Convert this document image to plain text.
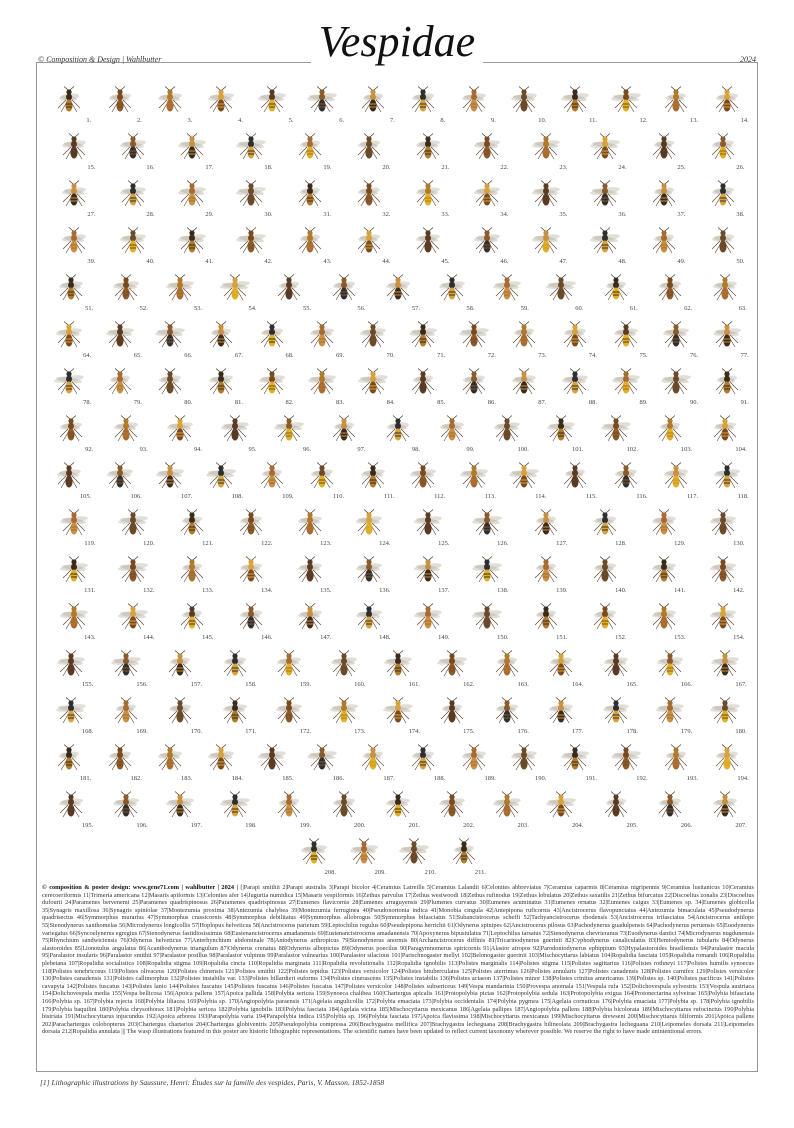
© Composition & Design | Wahlbutter	2024
Vespidae
1.	2.	3.	4.	5.	6.	7.	8.	9.	10.	11.	12.	13.	14.
15.	16.	17.	18.	19.	20.	21.	22.	23.	24.	25.	26.
27.	28.	29.	30.	31.	32.	33.	34.	35.	36.	37.	38.
39.	40.	41.	42.	43.	44.	45.	46.	47.	48.	49.	50.
51.	52.	53.	54.	55.	56.	57.	58.	59.	60.	61.	62.	63.
64.	65.	66.	67.	68.	69.	70.	71.	72.	73.	74.	75.	76.	77.
78.	79.	80.	81.	82.	83.	84.	85.	86.	87.	88.	89.	90.	91.
92.	93.	94.	95.	96.	97.	98.	99.	100.	101.	102.	103.	104.
105.	106.	107.	108.	109.	110.	111.	112.	113.	114.	115.	116.	117.	118.
119.	120.	121.	122.	123.	124.	125.	126.	127.	128.	129.	130.
131.	132.	133.	134.	135.	136.	137.	138.	139.	140.	141.	142.
143.	144.	145.	146.	147.	148.	149.	150.	151.	152.	153.	154.
155.	156.	157.	158.	159.	160.	161.	162.	163.	164.	165.	166.	167.
168.	169.	170.	171.	172.	173.	174.	175.	176.	177.	178.	179.	180.
181.	182.	183.	184.	185.	186.	187.	188.	189.	190.	191.	192.	193.	194.
195.	196.	197.	198.	199.	200.	201.	202.	203.	204.	205.	206.	207.
208.	209.	210.	211.
© composition & poster design: www.gene71.com | wahlbutter | 2024 | [|Parapi smithii 2|Parapi australis 3|Parapi bicolor 4|Ceramius Latreille 5|Ceramius Lalandii 6|Celonites abbreviatus 7|Ceramius caparmis 8|Ceramius nigripennis 9|Ceramius lusitanicus 10|Ceramius cerecoeriformis 11|Trimeria americana 12|Masaris apiformis 13|Celonites afer 14|Jugurtia numidica 15|Masaris vespiformis 16|Zethus parvulus 17|Zethus westwoodi 18|Zethus rufinodus 19|Zethus lobulatus 20|Zethus saxatilis 21|Zethus bifurcatus 22|Discoelius zonalis 23|Discoelius dufourii 24|Paramenes bervenemi 25|Paramenes quadrispinosus 26|Paramenes quadrispinosus 27|Eumenes flavicornis 28|Eumenes arraguyensis 29|Plumenes curvatus 30|Eumenes acuminatus 31|Eumenes ornatus 32|Eumenes caigus 33|Eumenes sp. 34|Eumenes globicolla 35|Synagris maxillosa 36|Synagris spiniolae 37|Montezumia proxima 38|Antezumia chalybea 39|Montezumia ferruginea 40|Pseudonortonia indica 41|Monobia cingula 42|Antepipona ruficornis 43|Ancistrocerus flavopunctatus 44|Antezumia bimaculata 45|Pseudodynerus quadrisectus 46|Symmorphus murarius 47|Symmorphus crassicornis 48|Symmorphus debilitatus 49|Symmorphus allobrogus 50|Symmorphus bifasciatus 51|Subancistrocerus scheffi 52|Tachyancistrocerus rhodensis 53|Ancistrocerus trifasciatus 54|Ancistrocerus antilope 55|Stenodynerus xanthomelas 56|Microdynerus longicollis 57|Hoplopus helveticus 58|Ancistrocerus parietum 59|Leptochilus regulus 60|Pseudepipona herrichii 61|Odynerus spinipes 62|Ancistrocerus pilosus 63|Pachodynerus guadulpensis 64|Pachodynerus peruensis 65|Euodynerus variegatus 66|Syncoelynerus egregius 67|Stenodynerus fastidiosissimus 68|Eustenancistrocerus amadanensis 69|Eustenancistrocerus amadanensis 70|Apoxynerus bipustulatus 71|Leptochilus tarsatus 72|Stenodynerus chevrieranus 73|Euodynerus dantici 74|Microdynerus nugdunensis 75|Rhynchium sandwiciensis 76|Odynerus helveticus 77|Anterhynchium abdominale 78|Antodynerus arthropicus 79|Stenodynerus anormis 80|Archancistrocerus diffinis 81|Tricarinodynerus guerinii 82|Cyphodynerus canaliculatus 83|Hemiodynerus tubularis 84|Odynerus alastoroides 85|Lionotulus angulatus 86|Acanthodynerus triangulum 87|Odynerus crenatus 88|Odynerus albopictus 89|Odynerus poecilus 90|Paragymnomerus spiricornis 91|Alastor atropos 92|Parodontodynerus ephippium 93|Hypalastoroides brasiliensis 94|Paralastor macula 95|Paralastor insularis 96|Paralastor smithii 97|Paralastor posillus 98|Paralastor vulpinus 99|Paralastor vulnearius 100|Paralastor silacious 101|Parischnogaster mellyi 102|Belonogaster guerinii 103|Mischocyttarus labiatus 104|Ropalidia fasciata 105|Ropalidia romandi 106|Ropalidia plebeiana 107|Ropalidia socialistica 108|Ropalidia stigma 109|Ropalidia cincta 110|Ropalidia marginata 111|Ropalidia revolutionalis 112|Ropalidia ignobilis 113|Polistes marginalis 114|Polistes stigma 115|Polistes sagittarius 116|Polistes rothneyi 117|Polistes humilis synoecus 118|Polistes tenebricosus 119|Polistes olivaceus 120|Polistes chinensis 121|Polistes smithii 122|Polistes tepidus 123|Polistes versicolor 124|Polistes bituberculatus 125|Polistes aterrimus 126|Polistes annularis 127|Polistes canadensis 128|Polistes carnifex 129|Polistes versicolor 130|Polistes canadensis 131|Polistes callimorphus 132|Polistes instabilis var. 133|Polistes billardieri euforms 134|Polistes cinerascens 135|Polistes instabilis 136|Polistes actaeon 137|Polistes minor 138|Polistes crinitus americanus 139|Polistes sp. 140|Polistes pacificus 141|Polistes cavapyta 142|Polistes fuscatus 143|Polistes lanio 144|Polistes fuscatus 145|Polistes fuscatus 146|Polistes fuscatus 147|Polistes versicolor 148|Polistes subsericeus 149|Vespa mandarinia 150|Provespa anomala 151|Vespula rufa 152|Dolichovespula sylvestris 153|Vespula austriaca 154|Dolichovespula media 155|Vespa bellicosa 156|Apoica pallens 157|Apoica pallida 158|Polybia sericea 159|Synoeca chalibea 160|Chartergus apicalis 161|Protopolybia pictas 162|Protopolybia sedula 163|Protopolybia exigua 164|Protonectarina sylveirae 165|Polybia bifasciata 166|Polybia sp. 167|Polybia rejecta 168|Polybia liliacea 169|Polybia sp. 170|Angiopolybia paraensis 171|Agelaia angulicollis 172|Polybia emaciata 173|Polybia occidentalis 174|Polybia pygmea 175|Agelaia cornuticus 176|Polybia emaciata 177|Polybia sp. 178|Polybia ignobilis 179|Polybia baquilini 180|Polybia chrysothorax 181|Polybia sericea 182|Polybia ignobilis 183|Polybia fasciata 184|Agelaia vicina 185|Mischocyttarus mexicanus 186|Agelaia pallipes 187|Angiopolybia pallens 188|Polybia bicolorata 189|Mischocyttarus rufocinctus 190|Polybia bistriata 191|Mischocyttarus injucundus 192|Apoica arborea 193|Parapolybia varia 194|Parapolybia indica 195|Polybia sp. 196|Polybia fasciata 197|Apoica flavissima 198|Mischocyttarus mexicanus 199|Mischocyttarus drewseni 200|Mischocyttarus filiformis 201|Apoica pallens 202|Parachartergus colobopterus 203|Chartergus chartarius 204|Chartergus globiventris 205|Pseudopolybia compressa 206|Brachygastra mellifica 207|Brachygastra lecheguana 208|Brachygastra bilineolata 209|Brachygastra lecheguana 210|Leipomeles dorsata 211|Leipomeles dorsata 212|Ropalidia annulata ||| The wasp illustrations featured in this poster are historic lithographic representations. The scientific names have been updated to reflect current taxonomy wherever possible. We reserve the right to have made unintentional errors.
[1] Lithographic illustrations by Saussure, Henri: Études sur la famille des vespides, Paris, V. Masson, 1852-1858
